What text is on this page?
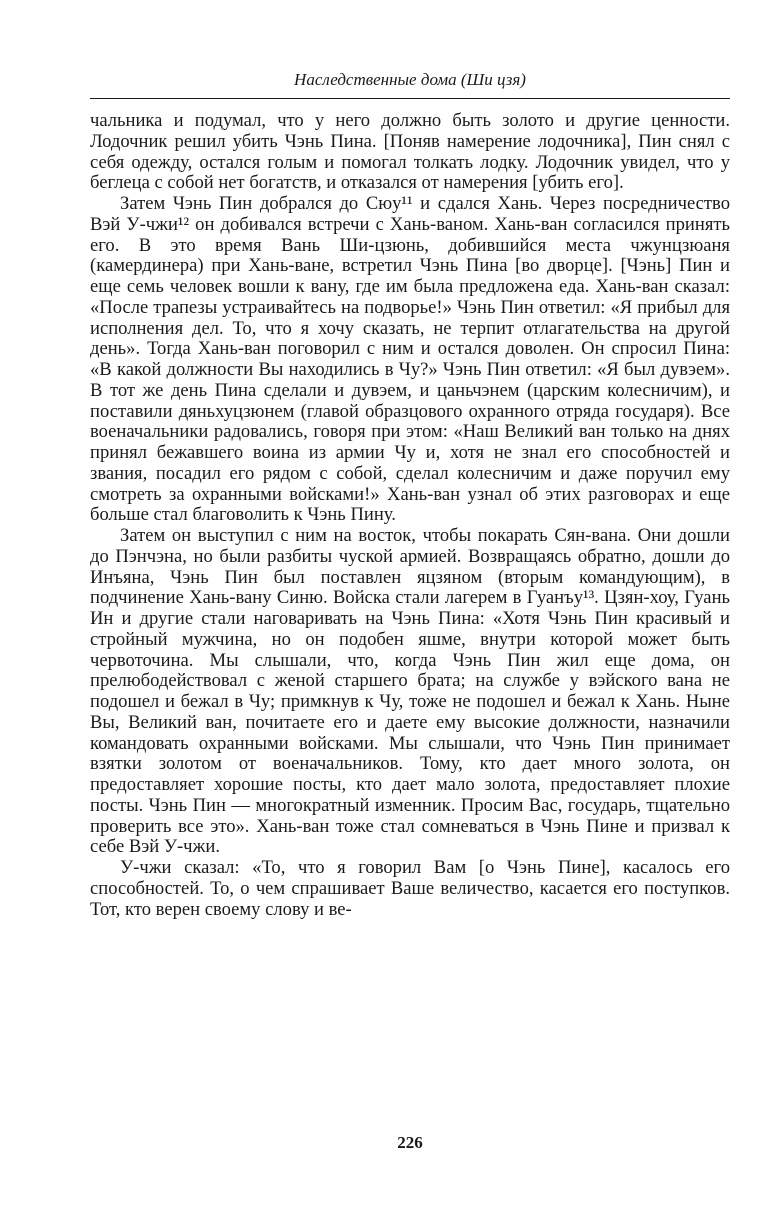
Наследственные дома (Ши цзя)

чальника и подумал, что у него должно быть золото и другие ценности. Лодочник решил убить Чэнь Пина. [Поняв намерение лодочника], Пин снял с себя одежду, остался голым и помогал толкать лодку. Лодочник увидел, что у беглеца с собой нет богатств, и отказался от намерения [убить его].

Затем Чэнь Пин добрался до Сюу¹¹ и сдался Хань. Через посредничество Вэй У-чжи¹² он добивался встречи с Хань-ваном. Хань-ван согласился принять его. В это время Вань Ши-цзюнь, добившийся места чжунцзюаня (камердинера) при Хань-ване, встретил Чэнь Пина [во дворце]. [Чэнь] Пин и еще семь человек вошли к вану, где им была предложена еда. Хань-ван сказал: «После трапезы устраивайтесь на подворье!» Чэнь Пин ответил: «Я прибыл для исполнения дел. То, что я хочу сказать, не терпит отлагательства на другой день». Тогда Хань-ван поговорил с ним и остался доволен. Он спросил Пина: «В какой должности Вы находились в Чу?» Чэнь Пин ответил: «Я был дувэем». В тот же день Пина сделали и дувэем, и цаньчэнем (царским колесничим), и поставили дяньхуцзюнем (главой образцового охранного отряда государя). Все военачальники радовались, говоря при этом: «Наш Великий ван только на днях принял бежавшего воина из армии Чу и, хотя не знал его способностей и звания, посадил его рядом с собой, сделал колесничим и даже поручил ему смотреть за охранными войсками!» Хань-ван узнал об этих разговорах и еще больше стал благоволить к Чэнь Пину.

Затем он выступил с ним на восток, чтобы покарать Сян-вана. Они дошли до Пэнчэна, но были разбиты чуской армией. Возвращаясь обратно, дошли до Инъяна, Чэнь Пин был поставлен яцзяном (вторым командующим), в подчинение Хань-вану Синю. Войска стали лагерем в Гуанъу¹³. Цзян-хоу, Гуань Ин и другие стали наговаривать на Чэнь Пина: «Хотя Чэнь Пин красивый и стройный мужчина, но он подобен яшме, внутри которой может быть червоточина. Мы слышали, что, когда Чэнь Пин жил еще дома, он прелюбодействовал с женой старшего брата; на службе у вэйского вана не подошел и бежал в Чу; примкнув к Чу, тоже не подошел и бежал к Хань. Ныне Вы, Великий ван, почитаете его и даете ему высокие должности, назначили командовать охранными войсками. Мы слышали, что Чэнь Пин принимает взятки золотом от военачальников. Тому, кто дает много золота, он предоставляет хорошие посты, кто дает мало золота, предоставляет плохие посты. Чэнь Пин — многократный изменник. Просим Вас, государь, тщательно проверить все это». Хань-ван тоже стал сомневаться в Чэнь Пине и призвал к себе Вэй У-чжи.

У-чжи сказал: «То, что я говорил Вам [о Чэнь Пине], касалось его способностей. То, о чем спрашивает Ваше величество, касается его поступков. Тот, кто верен своему слову и ве-

226
